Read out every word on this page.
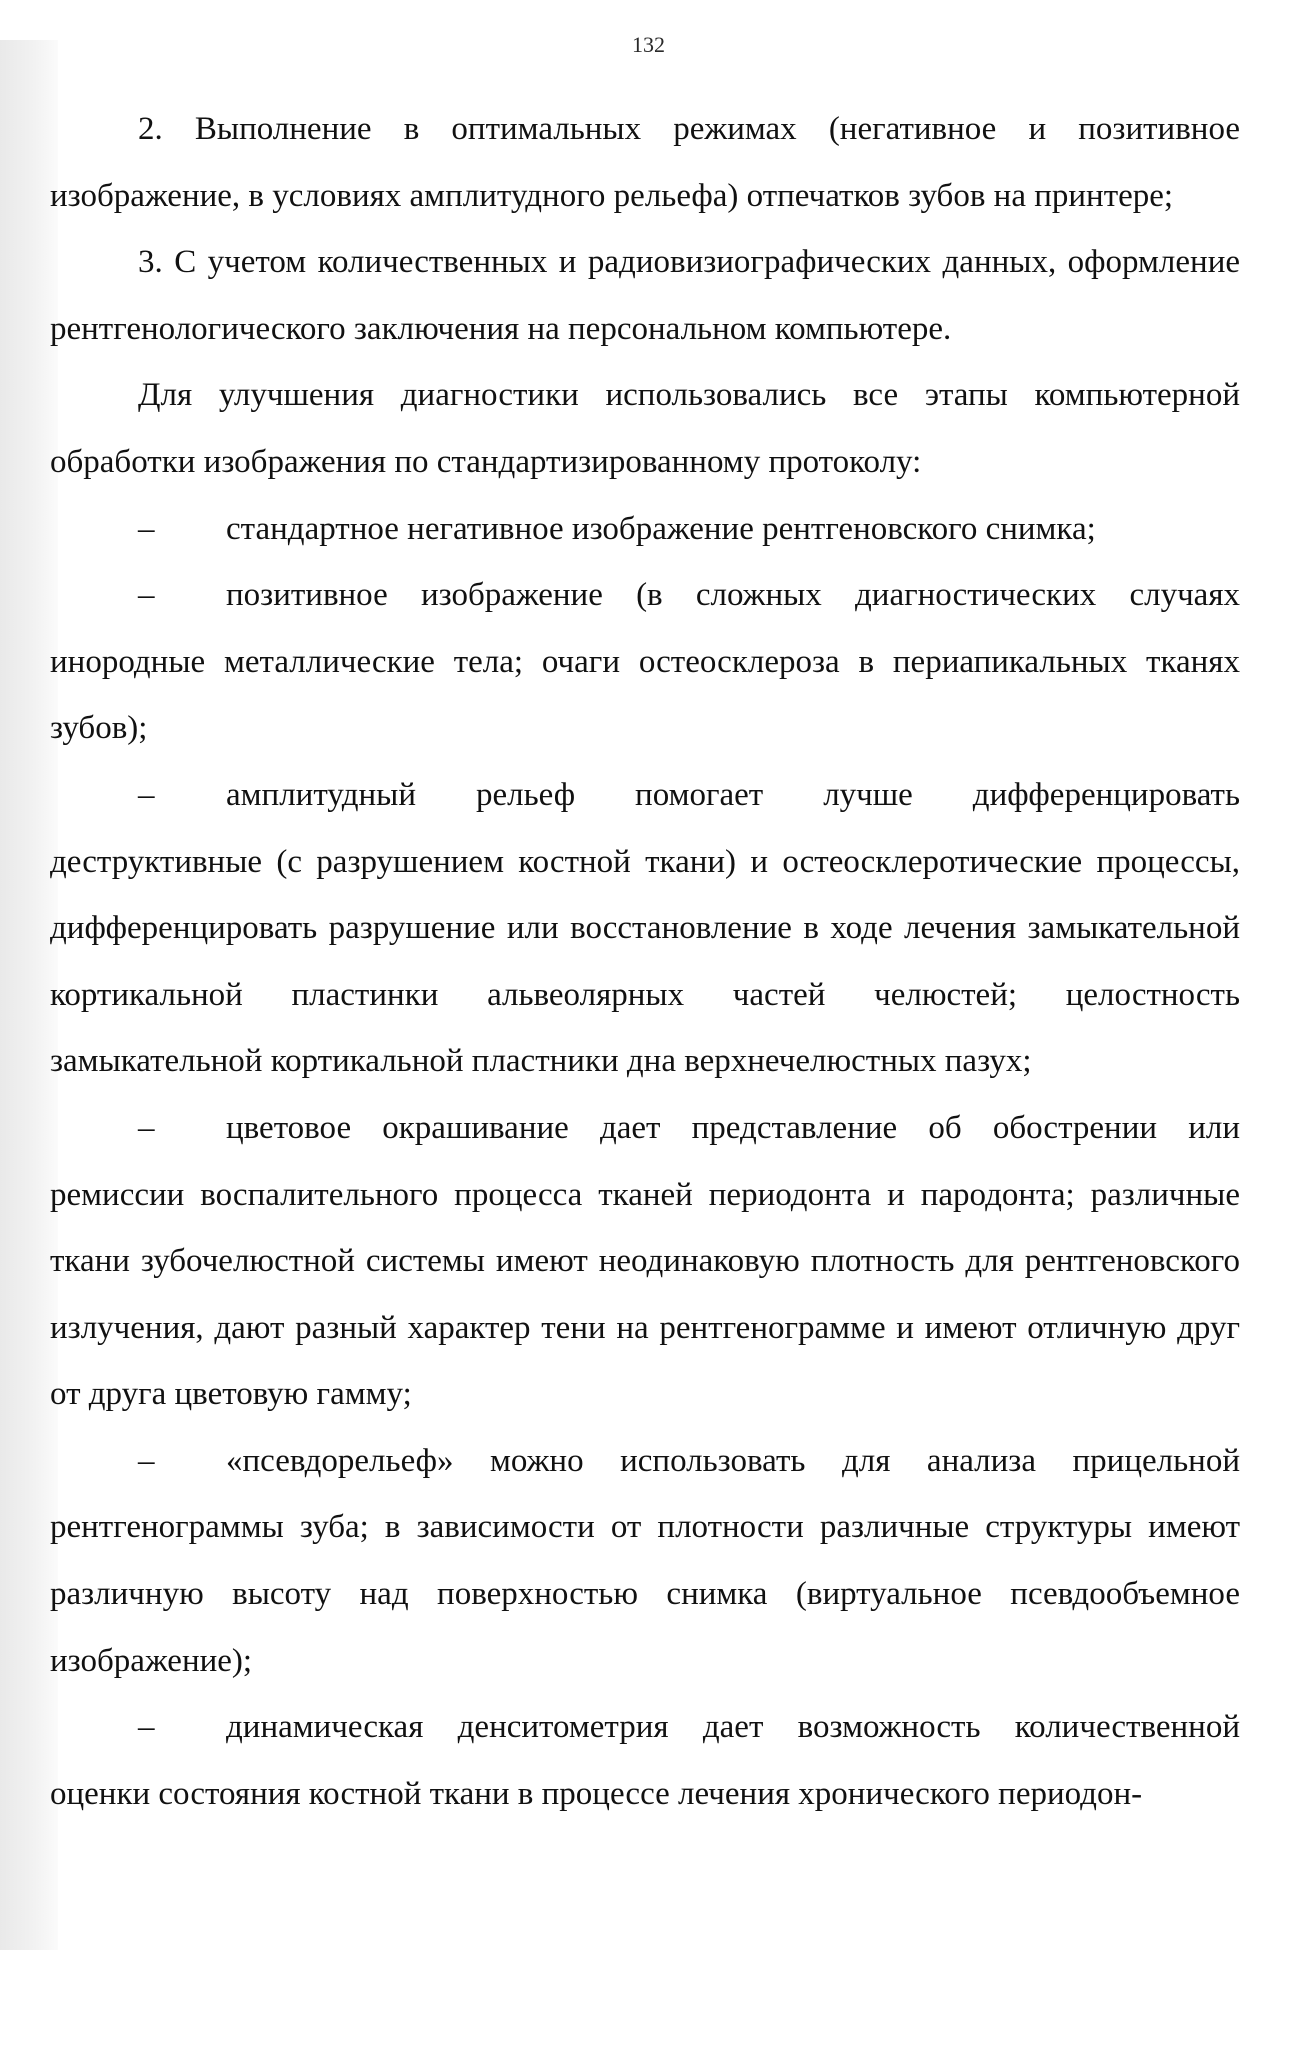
132

2. Выполнение в оптимальных режимах (негативное и позитивное изображение, в условиях амплитудного рельефа) отпечатков зубов на принтере;

3. С учетом количественных и радиовизиографических данных, оформление рентгенологического заключения на персональном компьютере.

Для улучшения диагностики использовались все этапы компьютерной обработки изображения по стандартизированному протоколу:

– стандартное негативное изображение рентгеновского снимка;

– позитивное изображение (в сложных диагностических случаях инородные металлические тела; очаги остеосклероза в периапикальных тканях зубов);

– амплитудный рельеф помогает лучше дифференцировать деструктивные (с разрушением костной ткани) и остеосклеротические процессы, дифференцировать разрушение или восстановление в ходе лечения замыкательной кортикальной пластинки альвеолярных частей челюстей; целостность замыкательной кортикальной пластники дна верхнечелюстных пазух;

– цветовое окрашивание дает представление об обострении или ремиссии воспалительного процесса тканей периодонта и пародонта; различные ткани зубочелюстной системы имеют неодинаковую плотность для рентгеновского излучения, дают разный характер тени на рентгенограмме и имеют отличную друг от друга цветовую гамму;

– «псевдорельеф» можно использовать для анализа прицельной рентгенограммы зуба; в зависимости от плотности различные структуры имеют различную высоту над поверхностью снимка (виртуальное псевдообъемное изображение);

– динамическая денситометрия дает возможность количественной оценки состояния костной ткани в процессе лечения хронического периодон-
